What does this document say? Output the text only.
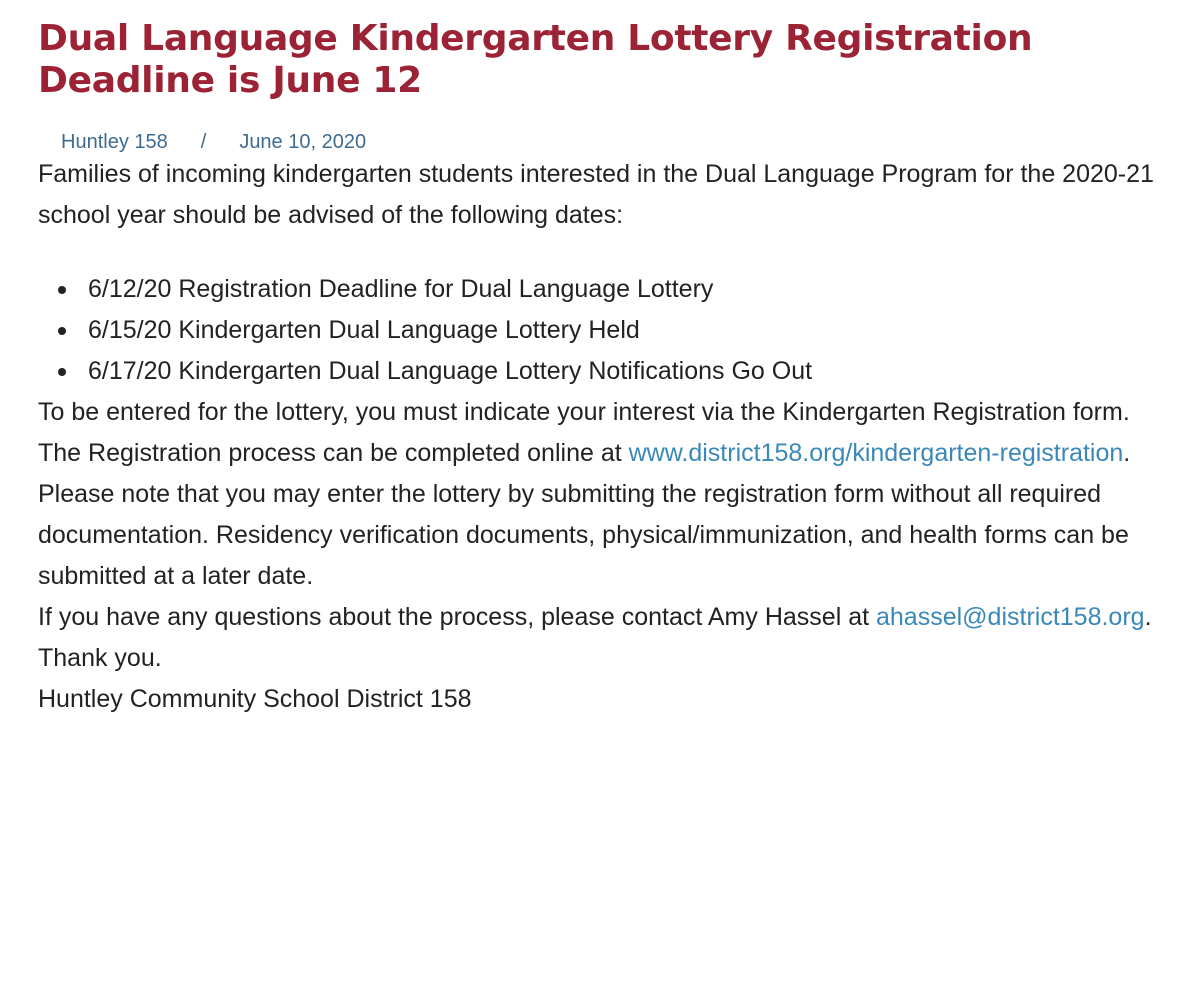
Dual Language Kindergarten Lottery Registration Deadline is June 12
Huntley 158 / June 10, 2020

Families of incoming kindergarten students interested in the Dual Language Program for the 2020-21 school year should be advised of the following dates:

6/12/20 Registration Deadline for Dual Language Lottery
6/15/20 Kindergarten Dual Language Lottery Held
6/17/20 Kindergarten Dual Language Lottery Notifications Go Out

To be entered for the lottery, you must indicate your interest via the Kindergarten Registration form. The Registration process can be completed online at www.district158.org/kindergarten-registration.

Please note that you may enter the lottery by submitting the registration form without all required documentation. Residency verification documents, physical/immunization, and health forms can be submitted at a later date.

If you have any questions about the process, please contact Amy Hassel at ahassel@district158.org.

Thank you.

Huntley Community School District 158
